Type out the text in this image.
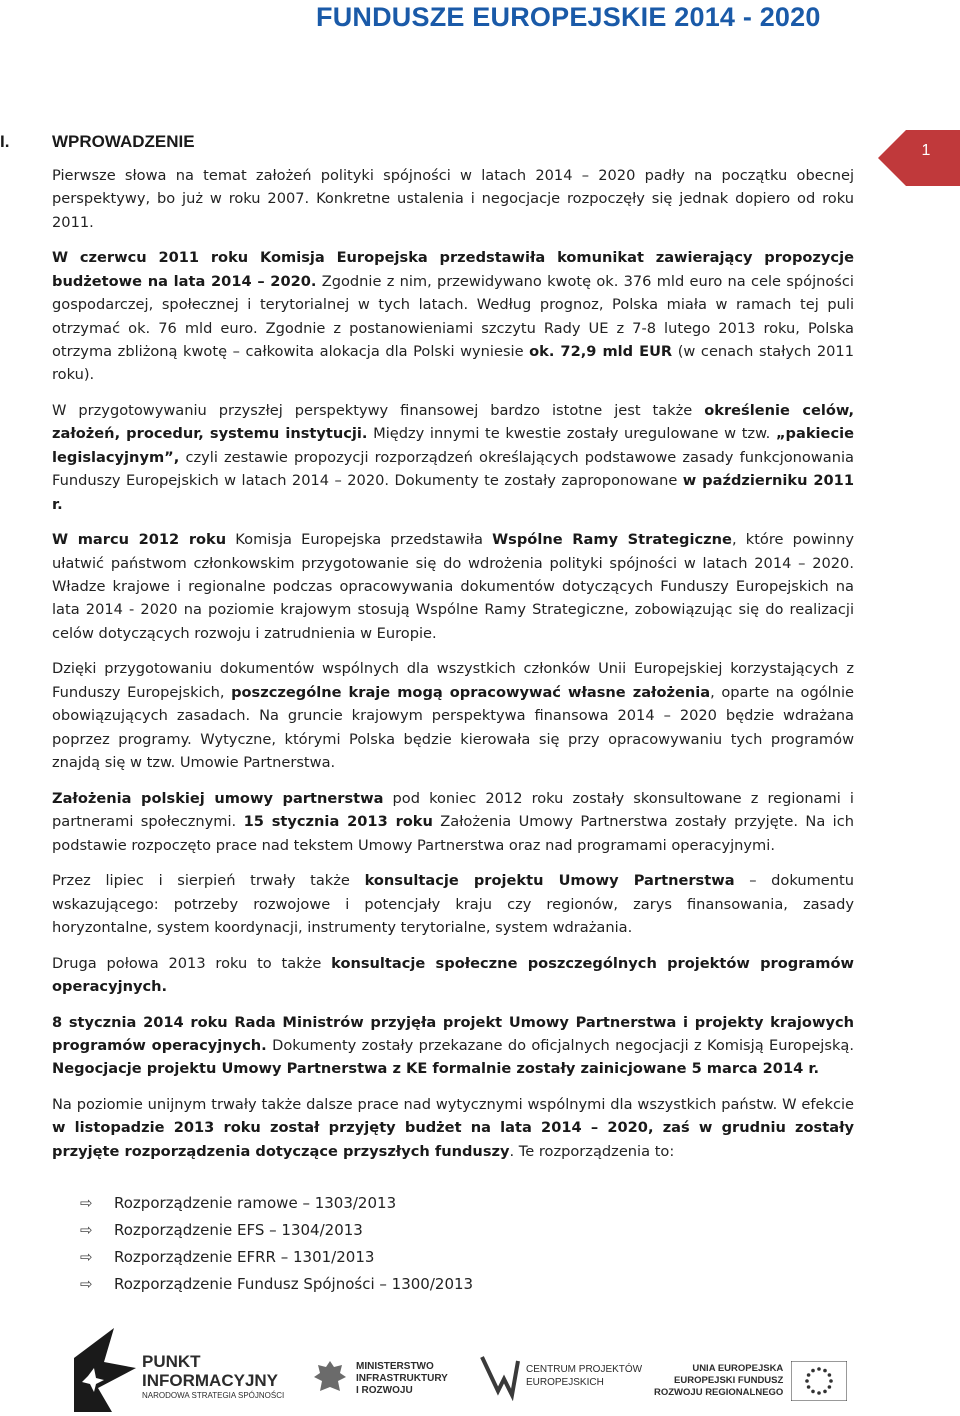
FUNDUSZE EUROPEJSKIE 2014 - 2020
1
I.	WPROWADZENIE

Pierwsze słowa na temat założeń polityki spójności w latach 2014 – 2020 padły na początku obecnej perspektywy, bo już w roku 2007. Konkretne ustalenia i negocjacje rozpoczęły się jednak dopiero od roku 2011.

W czerwcu 2011 roku Komisja Europejska przedstawiła komunikat zawierający propozycje budżetowe na lata 2014 – 2020. Zgodnie z nim, przewidywano kwotę ok. 376 mld euro na cele spójności gospodarczej, społecznej i terytorialnej w tych latach. Według prognoz, Polska miała w ramach tej puli otrzymać ok. 76 mld euro. Zgodnie z postanowieniami szczytu Rady UE z 7-8 lutego 2013 roku, Polska otrzyma zbliżoną kwotę – całkowita alokacja dla Polski wyniesie ok. 72,9 mld EUR (w cenach stałych 2011 roku).

W przygotowywaniu przyszłej perspektywy finansowej bardzo istotne jest także określenie celów, założeń, procedur, systemu instytucji. Między innymi te kwestie zostały uregulowane w tzw. „pakiecie legislacyjnym”, czyli zestawie propozycji rozporządzeń określających podstawowe zasady funkcjonowania Funduszy Europejskich w latach 2014 – 2020. Dokumenty te zostały zaproponowane w październiku 2011 r.

W marcu 2012 roku Komisja Europejska przedstawiła Wspólne Ramy Strategiczne, które powinny ułatwić państwom członkowskim przygotowanie się do wdrożenia polityki spójności w latach 2014 – 2020. Władze krajowe i regionalne podczas opracowywania dokumentów dotyczących Funduszy Europejskich na lata 2014 - 2020 na poziomie krajowym stosują Wspólne Ramy Strategiczne, zobowiązując się do realizacji celów dotyczących rozwoju i zatrudnienia w Europie.

Dzięki przygotowaniu dokumentów wspólnych dla wszystkich członków Unii Europejskiej korzystających z Funduszy Europejskich, poszczególne kraje mogą opracowywać własne założenia, oparte na ogólnie obowiązujących zasadach. Na gruncie krajowym perspektywa finansowa 2014 – 2020 będzie wdrażana poprzez programy. Wytyczne, którymi Polska będzie kierowała się przy opracowywaniu tych programów znajdą się w tzw. Umowie Partnerstwa.

Założenia polskiej umowy partnerstwa pod koniec 2012 roku zostały skonsultowane z regionami i partnerami społecznymi. 15 stycznia 2013 roku Założenia Umowy Partnerstwa zostały przyjęte. Na ich podstawie rozpoczęto prace nad tekstem Umowy Partnerstwa oraz nad programami operacyjnymi.

Przez lipiec i sierpień trwały także konsultacje projektu Umowy Partnerstwa – dokumentu wskazującego: potrzeby rozwojowe i potencjały kraju czy regionów, zarys finansowania, zasady horyzontalne, system koordynacji, instrumenty terytorialne, system wdrażania.

Druga połowa 2013 roku to także konsultacje społeczne poszczególnych projektów programów operacyjnych.

8 stycznia 2014 roku Rada Ministrów przyjęła projekt Umowy Partnerstwa i projekty krajowych programów operacyjnych. Dokumenty zostały przekazane do oficjalnych negocjacji z Komisją Europejską. Negocjacje projektu Umowy Partnerstwa z KE formalnie zostały zainicjowane 5 marca 2014 r.

Na poziomie unijnym trwały także dalsze prace nad wytycznymi wspólnymi dla wszystkich państw. W efekcie w listopadzie 2013 roku został przyjęty budżet na lata 2014 – 2020, zaś w grudniu zostały przyjęte rozporządzenia dotyczące przyszłych funduszy. Te rozporządzenia to:

⇨ Rozporządzenie ramowe – 1303/2013
⇨ Rozporządzenie EFS – 1304/2013
⇨ Rozporządzenie EFRR – 1301/2013
⇨ Rozporządzenie Fundusz Spójności – 1300/2013
PUNKT
INFORMACYJNY
NARODOWA STRATEGIA SPÓJNOŚCI
MINISTERSTWO
INFRASTRUKTURY
I ROZWOJU
CENTRUM PROJEKTÓW
EUROPEJSKICH
UNIA EUROPEJSKA
EUROPEJSKI FUNDUSZ
ROZWOJU REGIONALNEGO
